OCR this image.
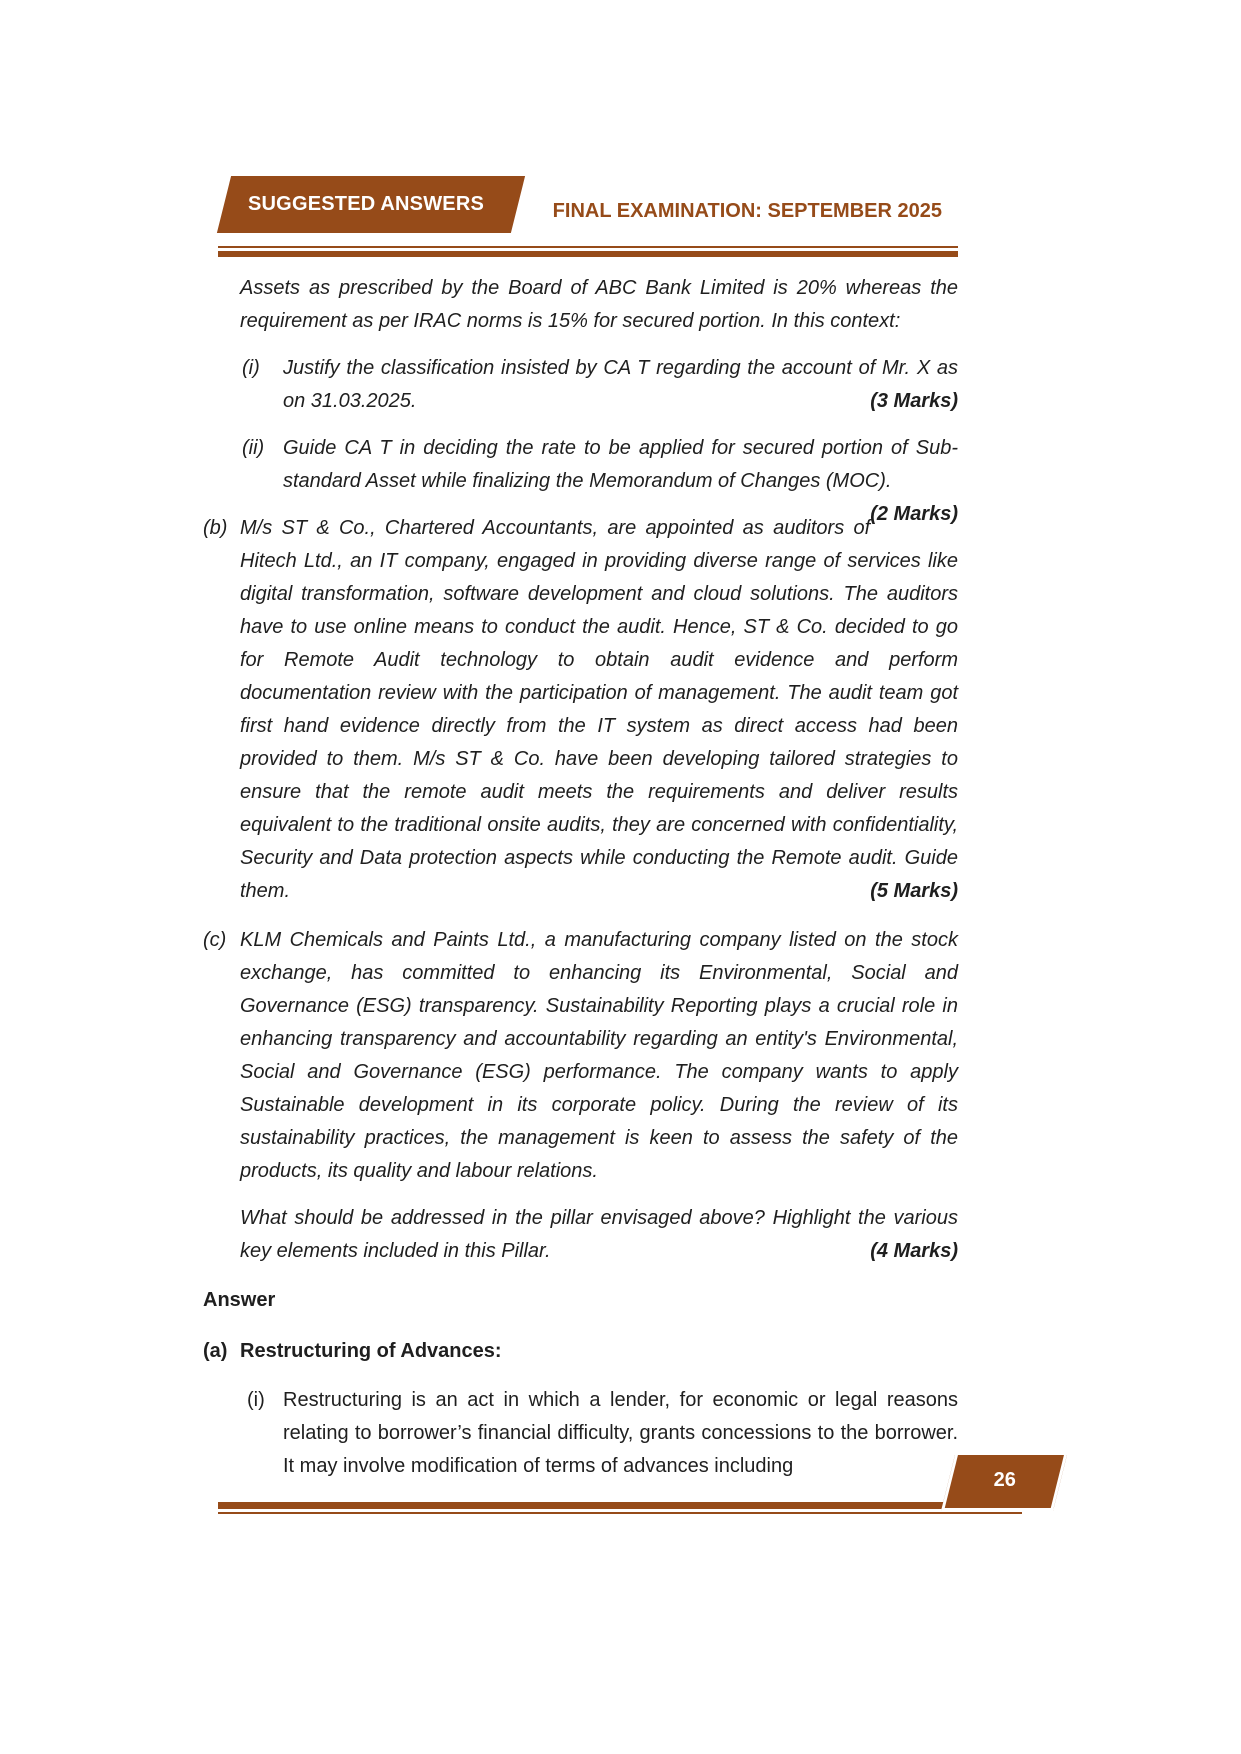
SUGGESTED ANSWERS	FINAL EXAMINATION: SEPTEMBER 2025

Assets as prescribed by the Board of ABC Bank Limited is 20% whereas the requirement as per IRAC norms is 15% for secured portion. In this context:

(i) Justify the classification insisted by CA T regarding the account of Mr. X as on 31.03.2025.	(3 Marks)
(ii) Guide CA T in deciding the rate to be applied for secured portion of Sub-standard Asset while finalizing the Memorandum of Changes (MOC).
(2 Marks)
(b) M/s ST & Co., Chartered Accountants, are appointed as auditors of Hitech Ltd., an IT company, engaged in providing diverse range of services like digital transformation, software development and cloud solutions. The auditors have to use online means to conduct the audit. Hence, ST & Co. decided to go for Remote Audit technology to obtain audit evidence and perform documentation review with the participation of management. The audit team got first hand evidence directly from the IT system as direct access had been provided to them. M/s ST & Co. have been developing tailored strategies to ensure that the remote audit meets the requirements and deliver results equivalent to the traditional onsite audits, they are concerned with confidentiality, Security and Data protection aspects while conducting the Remote audit. Guide them.	(5 Marks)
(c) KLM Chemicals and Paints Ltd., a manufacturing company listed on the stock exchange, has committed to enhancing its Environmental, Social and Governance (ESG) transparency. Sustainability Reporting plays a crucial role in enhancing transparency and accountability regarding an entity's Environmental, Social and Governance (ESG) performance. The company wants to apply Sustainable development in its corporate policy. During the review of its sustainability practices, the management is keen to assess the safety of the products, its quality and labour relations.
What should be addressed in the pillar envisaged above? Highlight the various key elements included in this Pillar.	(4 Marks)
Answer
(a) Restructuring of Advances:
(i) Restructuring is an act in which a lender, for economic or legal reasons relating to borrower’s financial difficulty, grants concessions to the borrower. It may involve modification of terms of advances including
26
